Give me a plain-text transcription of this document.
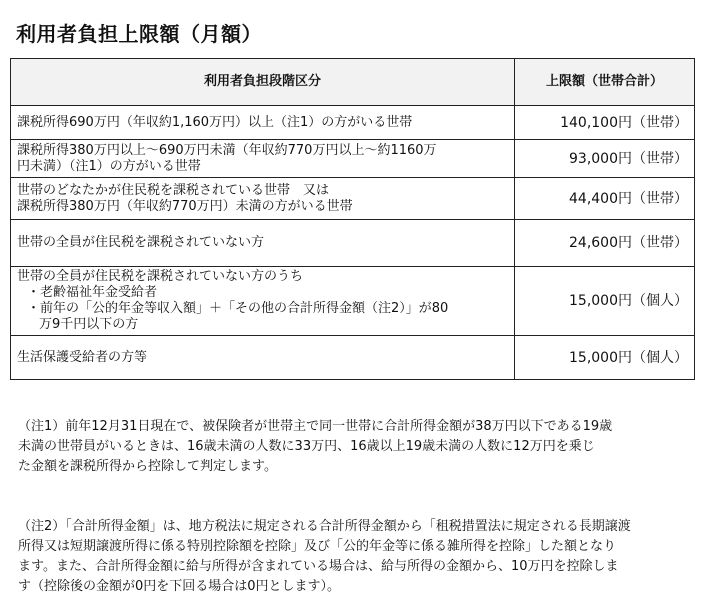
利用者負担上限額（月額）
利用者負担段階区分	上限額（世帯合計）

課税所得690万円（年収約1,160万円）以上（注1）の方がいる世帯	140,100円（世帯）

課税所得380万円以上～690万円未満（年収約770万円以上～約1160万
円未満）（注1）の方がいる世帯	93,000円（世帯）

世帯のどなたかが住民税を課税されている世帯　又は
課税所得380万円（年収約770万円）未満の方がいる世帯	44,400円（世帯）

世帯の全員が住民税を課税されていない方	24,600円（世帯）

世帯の全員が住民税を課税されていない方のうち
・老齢福祉年金受給者
・前年の「公的年金等収入額」＋「その他の合計所得金額（注2）」が80
万9千円以下の方	15,000円（個人）

生活保護受給者の方等	15,000円（個人）
（注1）前年12月31日現在で、被保険者が世帯主で同一世帯に合計所得金額が38万円以下である19歳
未満の世帯員がいるときは、16歳未満の人数に33万円、16歳以上19歳未満の人数に12万円を乗じ
た金額を課税所得から控除して判定します。
（注2）「合計所得金額」は、地方税法に規定される合計所得金額から「租税措置法に規定される長期譲渡
所得又は短期譲渡所得に係る特別控除額を控除」及び「公的年金等に係る雑所得を控除」した額となり
ます。また、合計所得金額に給与所得が含まれている場合は、給与所得の金額から、10万円を控除しま
す（控除後の金額が0円を下回る場合は0円とします）。
